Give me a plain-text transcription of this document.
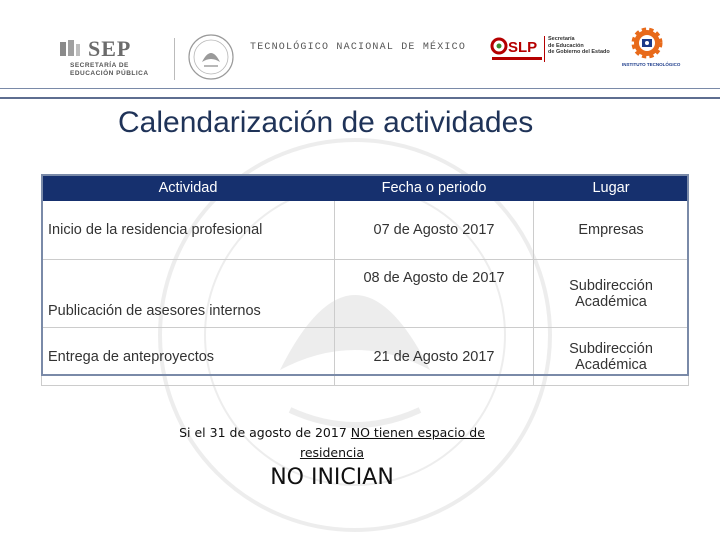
SEP
SECRETARÍA DE
EDUCACIÓN PÚBLICA
TECNOLÓGICO NACIONAL DE MÉXICO	SLP Secretaría
de Educación
de Gobierno del Estado
INSTITUTO TECNOLÓGICO
Calendarización de actividades
Actividad	Fecha o periodo	Lugar
Inicio de la residencia profesional	07 de Agosto 2017	Empresas

Publicación de asesores internos	08 de Agosto de 2017	Subdirección
Académica

Entrega de anteproyectos	21 de Agosto 2017	Subdirección
Académica
Si el 31 de agosto de 2017 NO tienen espacio de
residencia
NO INICIAN
